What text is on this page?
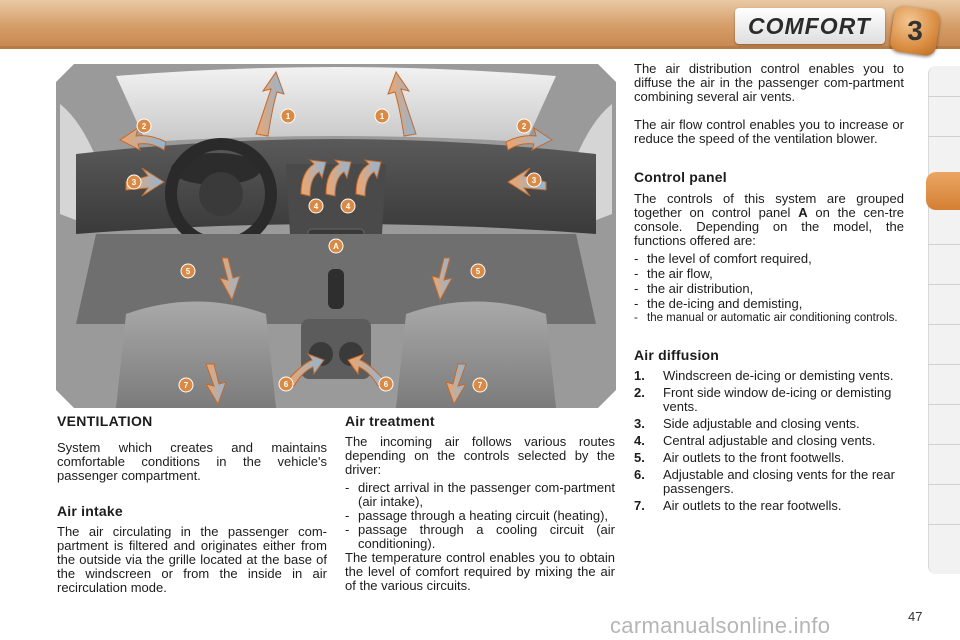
COMFORT	3
1	1
2	2
3	3
4	4
5	5
6	6
7	7
A

VENTILATION

System which creates and maintains comfortable conditions in the vehicle's passenger compartment.

Air intake

The air circulating in the passenger com-partment is filtered and originates either from the outside via the grille located at the base of the windscreen or from the inside in air recirculation mode.

Air treatment

The incoming air follows various routes depending on the controls selected by the driver:

- direct arrival in the passenger com-partment (air intake),

- passage through a heating circuit (heating),

- passage through a cooling circuit (air conditioning).

The temperature control enables you to obtain the level of comfort required by mixing the air of the various circuits.

The air distribution control enables you to diffuse the air in the passenger com-partment combining several air vents.

The air flow control enables you to increase or reduce the speed of the ventilation blower.

Control panel

The controls of this system are grouped together on control panel A on the cen-tre console. Depending on the model, the functions offered are:

- the level of comfort required,

- the air flow,

- the air distribution,

- the de-icing and demisting,

- the manual or automatic air conditioning controls.

Air diffusion

1. Windscreen de-icing or demisting vents.

2. Front side window de-icing or demisting vents.

3. Side adjustable and closing vents.

4. Central adjustable and closing vents.

5. Air outlets to the front footwells.

6. Adjustable and closing vents for the rear passengers.

7. Air outlets to the rear footwells.

47
carmanualsonline.info
